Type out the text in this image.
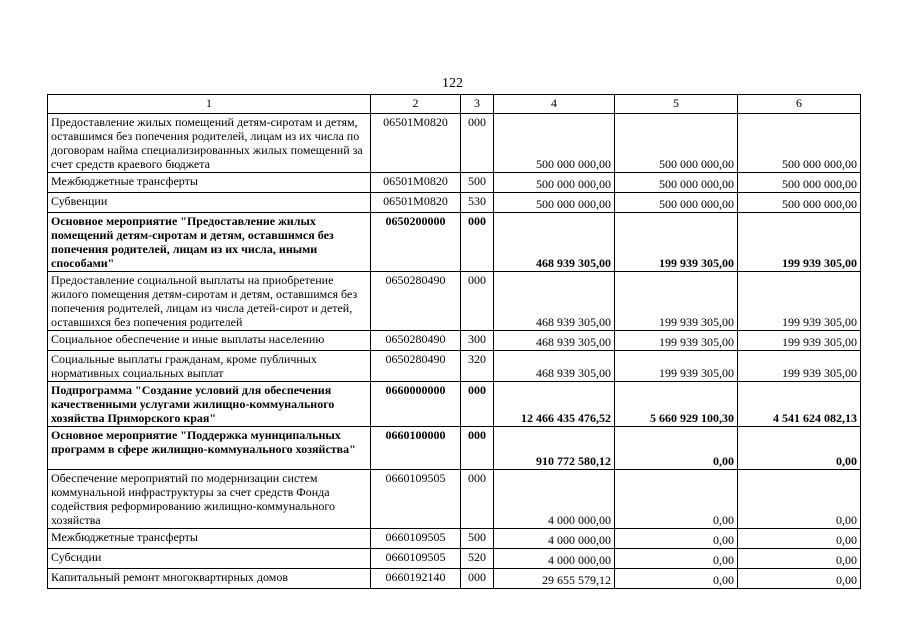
122
1	2	3	4	5	6
Предоставление жилых помещений детям-сиротам и детям, оставшимся без попечения родителей, лицам из их числа по договорам найма специализированных жилых помещений за счет средств краевого бюджета	06501M0820	000	500 000 000,00	500 000 000,00	500 000 000,00
Межбюджетные трансферты	06501M0820	500	500 000 000,00	500 000 000,00	500 000 000,00
Субвенции	06501M0820	530	500 000 000,00	500 000 000,00	500 000 000,00
Основное мероприятие "Предоставление жилых помещений детям-сиротам и детям, оставшимся без попечения родителей, лицам из их числа, иными способами"	0650200000	000	468 939 305,00	199 939 305,00	199 939 305,00
Предоставление социальной выплаты на приобретение жилого помещения детям-сиротам и детям, оставшимся без попечения родителей, лицам из числа детей-сирот и детей, оставшихся без попечения родителей	0650280490	000	468 939 305,00	199 939 305,00	199 939 305,00
Социальное обеспечение и иные выплаты населению	0650280490	300	468 939 305,00	199 939 305,00	199 939 305,00
Социальные выплаты гражданам, кроме публичных нормативных социальных выплат	0650280490	320	468 939 305,00	199 939 305,00	199 939 305,00
Подпрограмма "Создание условий для обеспечения качественными услугами жилищно-коммунального хозяйства Приморского края"	0660000000	000	12 466 435 476,52	5 660 929 100,30	4 541 624 082,13
Основное мероприятие "Поддержка муниципальных программ в сфере жилищно-коммунального хозяйства"	0660100000	000	910 772 580,12	0,00	0,00
Обеспечение мероприятий по модернизации систем коммунальной инфраструктуры за счет средств Фонда содействия реформированию жилищно-коммунального хозяйства	0660109505	000	4 000 000,00	0,00	0,00
Межбюджетные трансферты	0660109505	500	4 000 000,00	0,00	0,00
Субсидии	0660109505	520	4 000 000,00	0,00	0,00
Капитальный ремонт многоквартирных домов	0660192140	000	29 655 579,12	0,00	0,00
